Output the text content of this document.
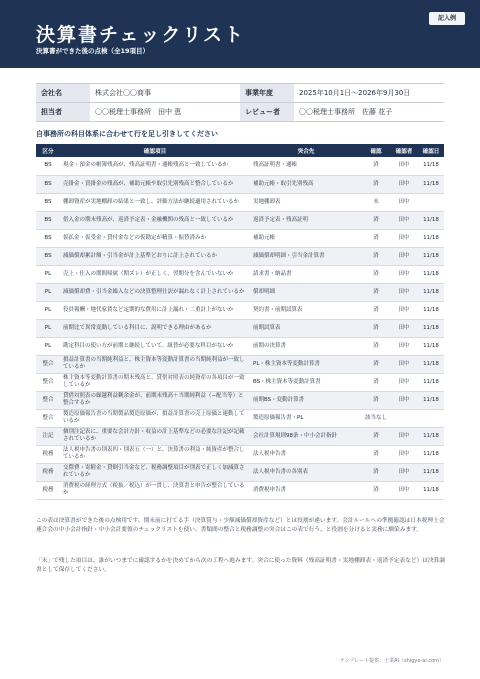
決算書チェックリスト
決算書ができた後の点検（全19項目）
記入例
会社名	株式会社〇〇商事	事業年度	2025年10月1日～2026年9月30日
担当者	〇〇税理士事務所　田中 恵	レビュー者	〇〇税理士事務所　佐藤 花子
自事務所の科目体系に合わせて行を足し引きしてください
区分	確認項目	突合先	確認	確認者	確認日
BS	現金・預金の帳簿残高が、残高証明書・通帳残高と一致しているか	残高証明書・通帳	済	田中	11/18
BS	売掛金・買掛金の残高が、補助元帳や取引先別残高と整合しているか	補助元帳・取引先別残高	済	田中	11/18
BS	棚卸資産が実地棚卸の結果と一致し、評価方法が継続適用されているか	実地棚卸表	未	田中	
BS	借入金の期末残高が、返済予定表・金融機関の残高と一致しているか	返済予定表・残高証明	済	田中	11/18
BS	仮払金・仮受金・貸付金などの仮勘定が精算・振替済みか	補助元帳	済	田中	11/18
BS	減価償却累計額・引当金が計上基準どおりに計上されているか	減価償却明細・引当金計算書	済	田中	11/18
PL	売上・仕入の期間帰属（期ズレ）が正しく、翌期分を含んでいないか	請求書・納品書	済	田中	11/18
PL	減価償却費・引当金繰入などの決算整理仕訳が漏れなく計上されているか	償却明細	済	田中	11/18
PL	役員報酬・地代家賃など定期的な費用に計上漏れ・二重計上がないか	契約書・前期試算表	済	田中	11/18
PL	前期比で異常変動している科目に、説明できる理由があるか	前期試算表	済	田中	11/18
PL	勘定科目の使い方が前期と継続していて、組替が必要な科目がないか	前期の決算書	済	田中	11/18
整合	損益計算書の当期純利益と、株主資本等変動計算書の当期純利益が一致しているか	PL・株主資本等変動計算書	済	田中	11/18
整合	株主資本等変動計算書の期末残高と、貸借対照表の純資産の各項目が一致しているか	BS・株主資本等変動計算書	済	田中	11/18
整合	貸借対照表の繰越利益剰余金が、前期末残高＋当期純利益（−配当等）と整合するか	前期BS・変動計算書	済	田中	11/18
整合	製造原価報告書の当期製品製造原価が、損益計算書の売上原価と連動しているか	製造原価報告書・PL	該当なし		
注記	個別注記表に、重要な会計方針・収益の計上基準などの必要な注記が記載されているか	会社計算規則98条・中小会計指針	済	田中	11/18
税務	法人税申告書の別表四・別表五（一）と、決算書の利益・純資産が整合しているか	法人税申告書	済	田中	11/18
税務	交際費・寄附金・貸倒引当金など、税務調整項目が別表で正しく加減算されているか	法人税申告書の各別表	済	田中	11/18
税務	消費税の経理方式（税抜／税込）が一貫し、決算書と申告が整合しているか	消費税申告書	済	田中	11/18
この表は決算書ができた後の点検用です。期末前に打てる手（決算賞与・少額減価償却資産など）とは役割が違います。会計ルールへの準拠確認は日本税理士会連合会の中小会計指針・中小会計要領のチェックリストを使い、書類間の整合と税務調整の突合はこの表で行う、と役割を分けると実務に馴染みます。
「未」で残した項目は、誰がいつまでに確認するかを決めてから次の工程へ進みます。突合に使った資料（残高証明書・実地棚卸表・返済予定表など）は決算調書として保存してください。
テンプレート提供：士業AI（shigyo-ai.com）
